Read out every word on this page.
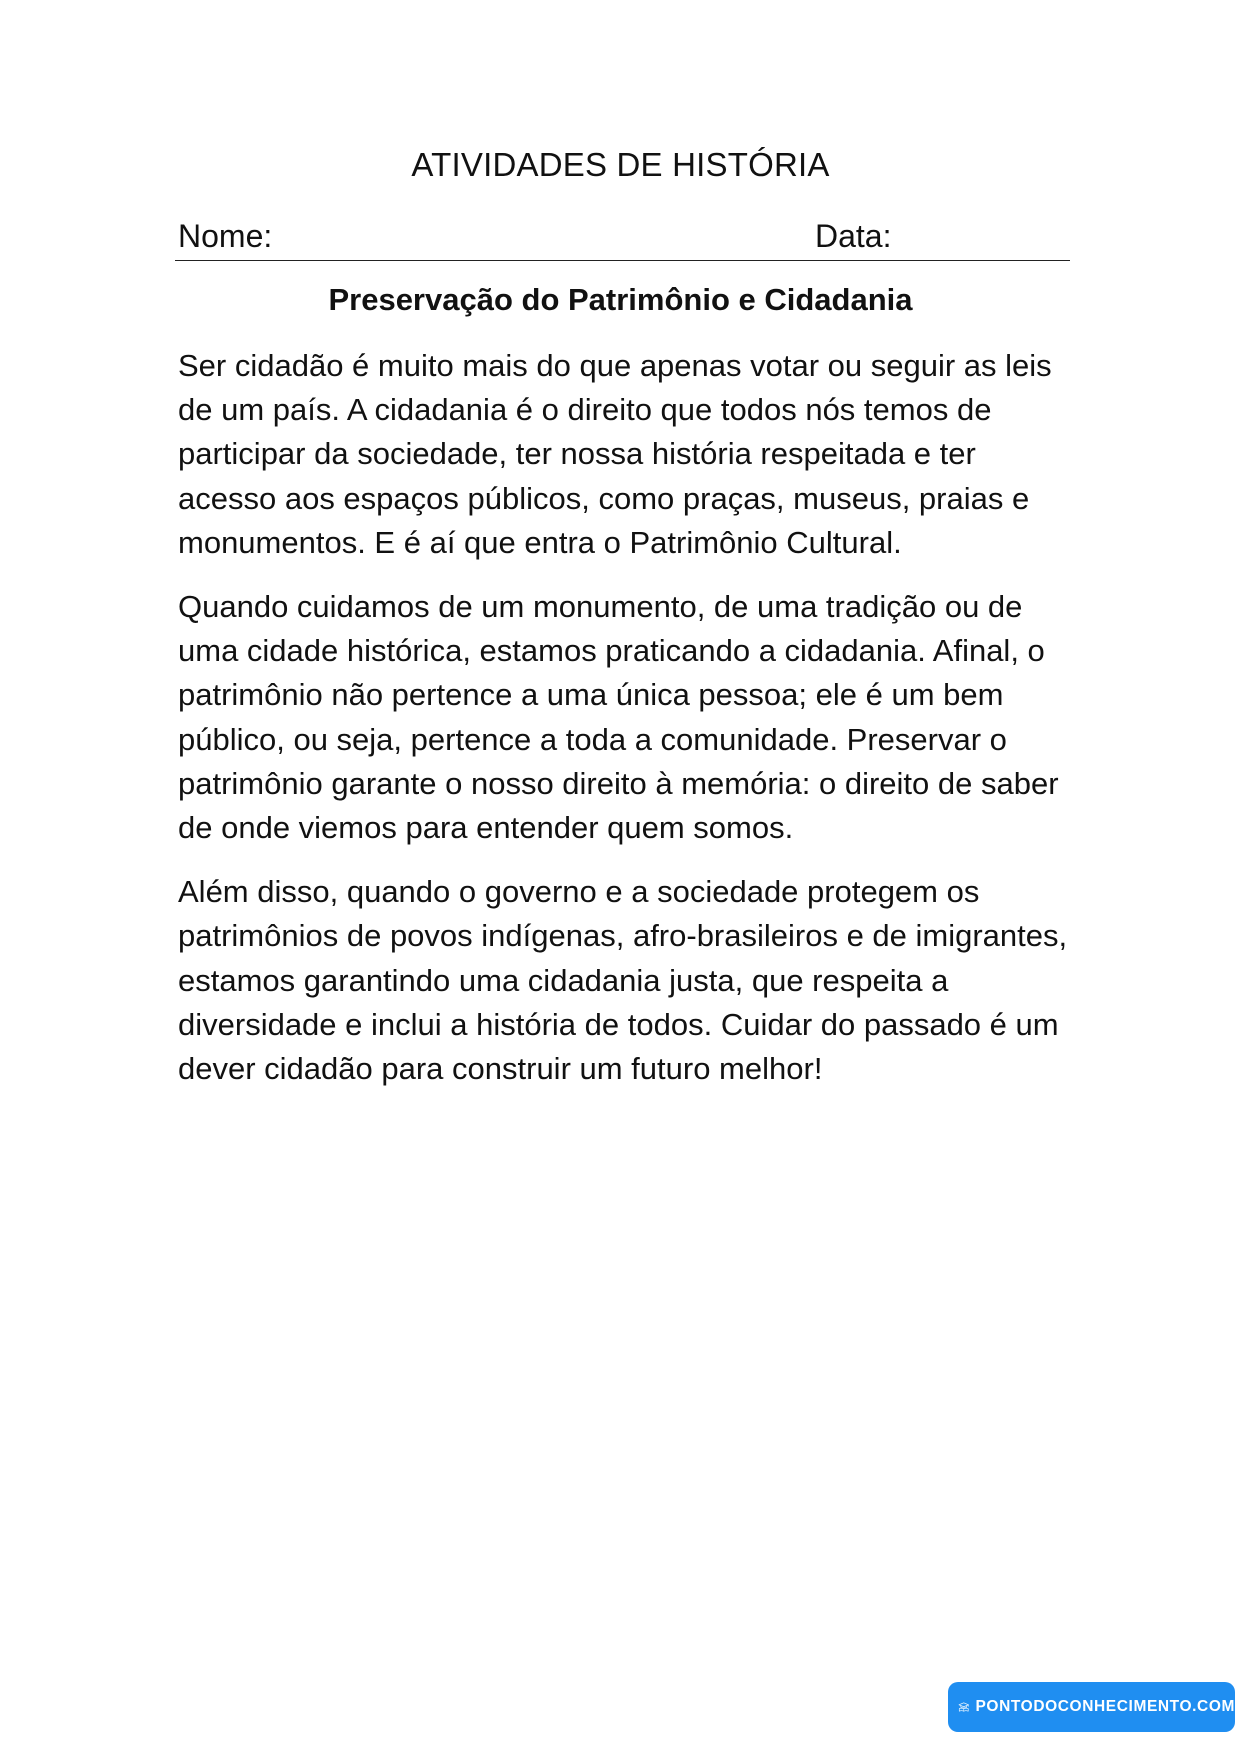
ATIVIDADES DE HISTÓRIA
Nome:	Data:
Preservação do Patrimônio e Cidadania

Ser cidadão é muito mais do que apenas votar ou seguir as leis de um país. A cidadania é o direito que todos nós temos de participar da sociedade, ter nossa história respeitada e ter acesso aos espaços públicos, como praças, museus, praias e monumentos. E é aí que entra o Patrimônio Cultural.

Quando cuidamos de um monumento, de uma tradição ou de uma cidade histórica, estamos praticando a cidadania. Afinal, o patrimônio não pertence a uma única pessoa; ele é um bem público, ou seja, pertence a toda a comunidade. Preservar o patrimônio garante o nosso direito à memória: o direito de saber de onde viemos para entender quem somos.

Além disso, quando o governo e a sociedade protegem os patrimônios de povos indígenas, afro-brasileiros e de imigrantes, estamos garantindo uma cidadania justa, que respeita a diversidade e inclui a história de todos. Cuidar do passado é um dever cidadão para construir um futuro melhor!

PONTODOCONHECIMENTO.COM
